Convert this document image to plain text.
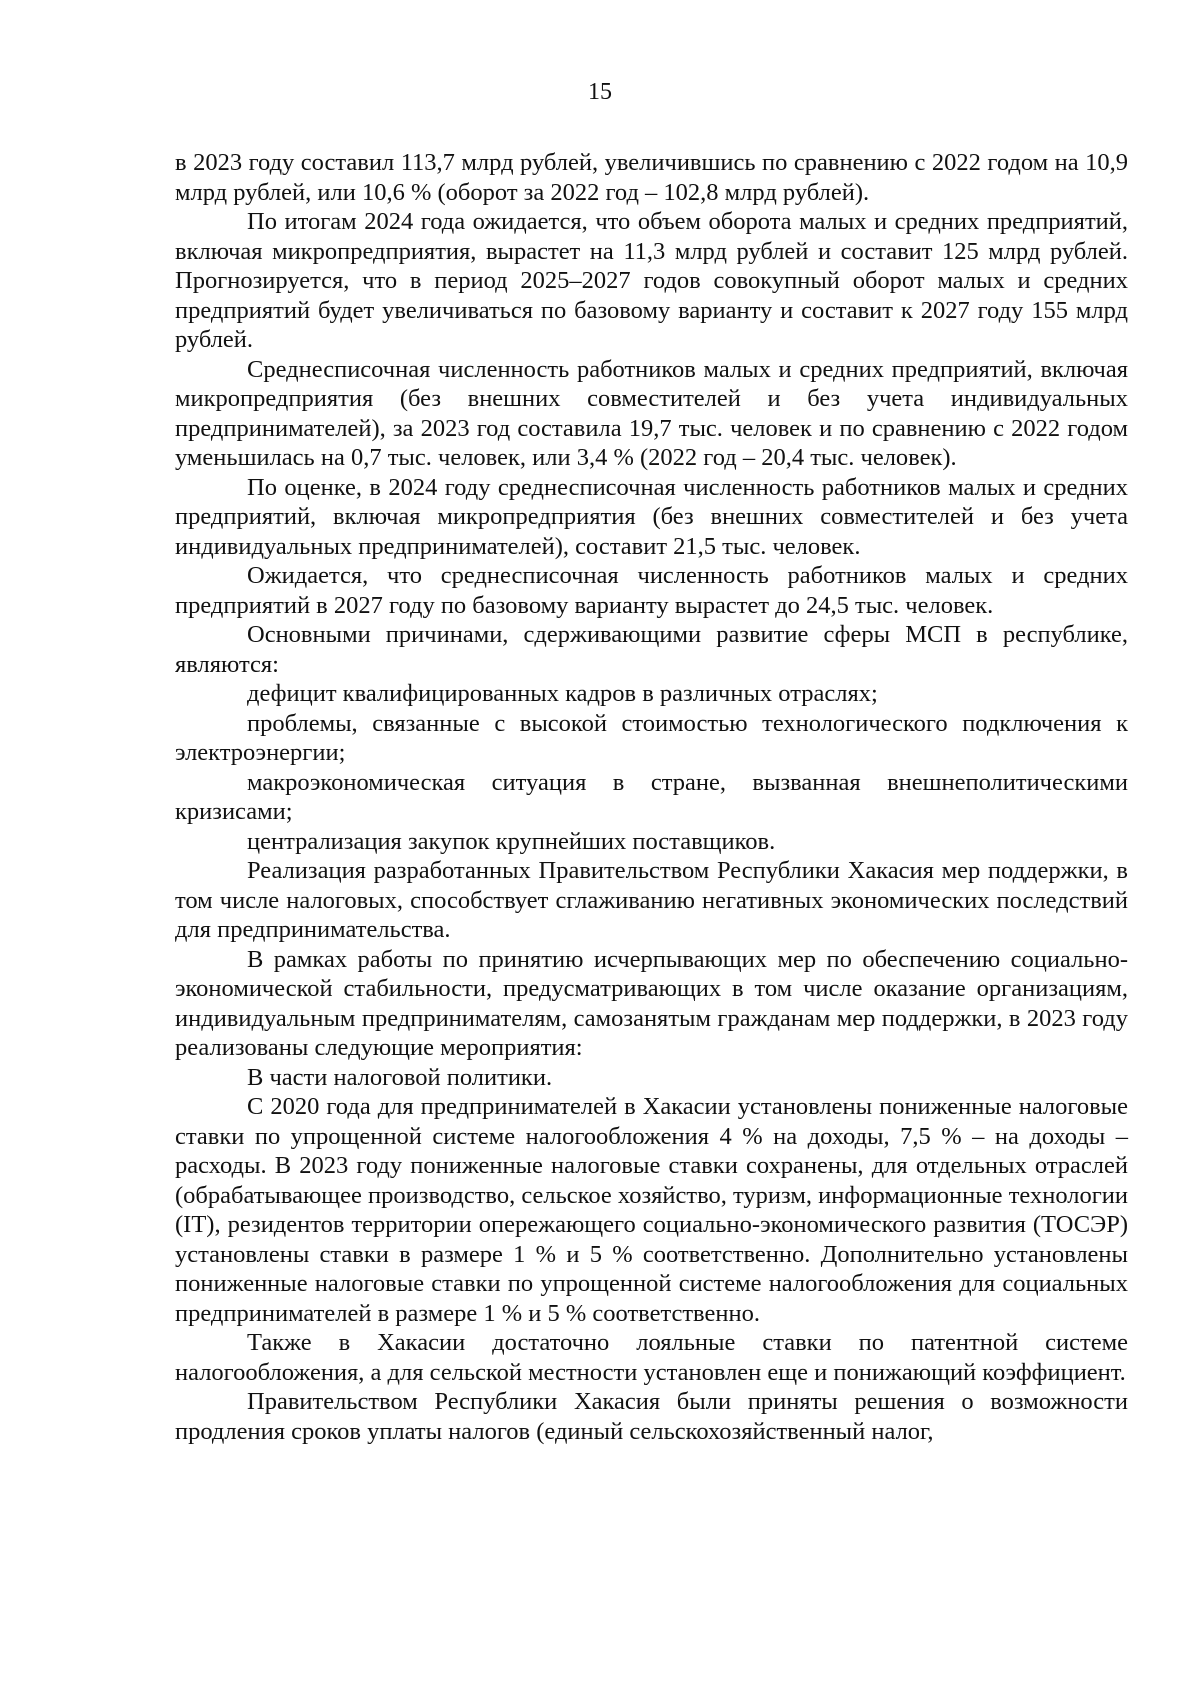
15

в 2023 году составил 113,7 млрд рублей, увеличившись по сравнению с 2022 годом на 10,9 млрд рублей, или 10,6 % (оборот за 2022 год – 102,8 млрд рублей).

По итогам 2024 года ожидается, что объем оборота малых и средних предприятий, включая микропредприятия, вырастет на 11,3 млрд рублей и составит 125 млрд рублей. Прогнозируется, что в период 2025–2027 годов совокупный оборот малых и средних предприятий будет увеличиваться по базовому варианту и составит к 2027 году 155 млрд рублей.

Среднесписочная численность работников малых и средних предприятий, включая микропредприятия (без внешних совместителей и без учета индивидуальных предпринимателей), за 2023 год составила 19,7 тыс. человек и по сравнению с 2022 годом уменьшилась на 0,7 тыс. человек, или 3,4 % (2022 год – 20,4 тыс. человек).

По оценке, в 2024 году среднесписочная численность работников малых и средних предприятий, включая микропредприятия (без внешних совместителей и без учета индивидуальных предпринимателей), составит 21,5 тыс. человек.

Ожидается, что среднесписочная численность работников малых и средних предприятий в 2027 году по базовому варианту вырастет до 24,5 тыс. человек.

Основными причинами, сдерживающими развитие сферы МСП в республике, являются:

дефицит квалифицированных кадров в различных отраслях;

проблемы, связанные с высокой стоимостью технологического подключения к электроэнергии;

макроэкономическая ситуация в стране, вызванная внешнеполитическими кризисами;

централизация закупок крупнейших поставщиков.

Реализация разработанных Правительством Республики Хакасия мер поддержки, в том числе налоговых, способствует сглаживанию негативных экономических последствий для предпринимательства.

В рамках работы по принятию исчерпывающих мер по обеспечению социально-экономической стабильности, предусматривающих в том числе оказание организациям, индивидуальным предпринимателям, самозанятым гражданам мер поддержки, в 2023 году реализованы следующие мероприятия:

В части налоговой политики.

С 2020 года для предпринимателей в Хакасии установлены пониженные налоговые ставки по упрощенной системе налогообложения 4 % на доходы, 7,5 % – на доходы – расходы. В 2023 году пониженные налоговые ставки сохранены, для отдельных отраслей (обрабатывающее производство, сельское хозяйство, туризм, информационные технологии (IT), резидентов территории опережающего социально-экономического развития (ТОСЭР) установлены ставки в размере 1 % и 5 % соответственно. Дополнительно установлены пониженные налоговые ставки по упрощенной системе налогообложения для социальных предпринимателей в размере 1 % и 5 % соответственно.

Также в Хакасии достаточно лояльные ставки по патентной системе налогообложения, а для сельской местности установлен еще и понижающий коэффициент.

Правительством Республики Хакасия были приняты решения о возможности продления сроков уплаты налогов (единый сельскохозяйственный налог,
